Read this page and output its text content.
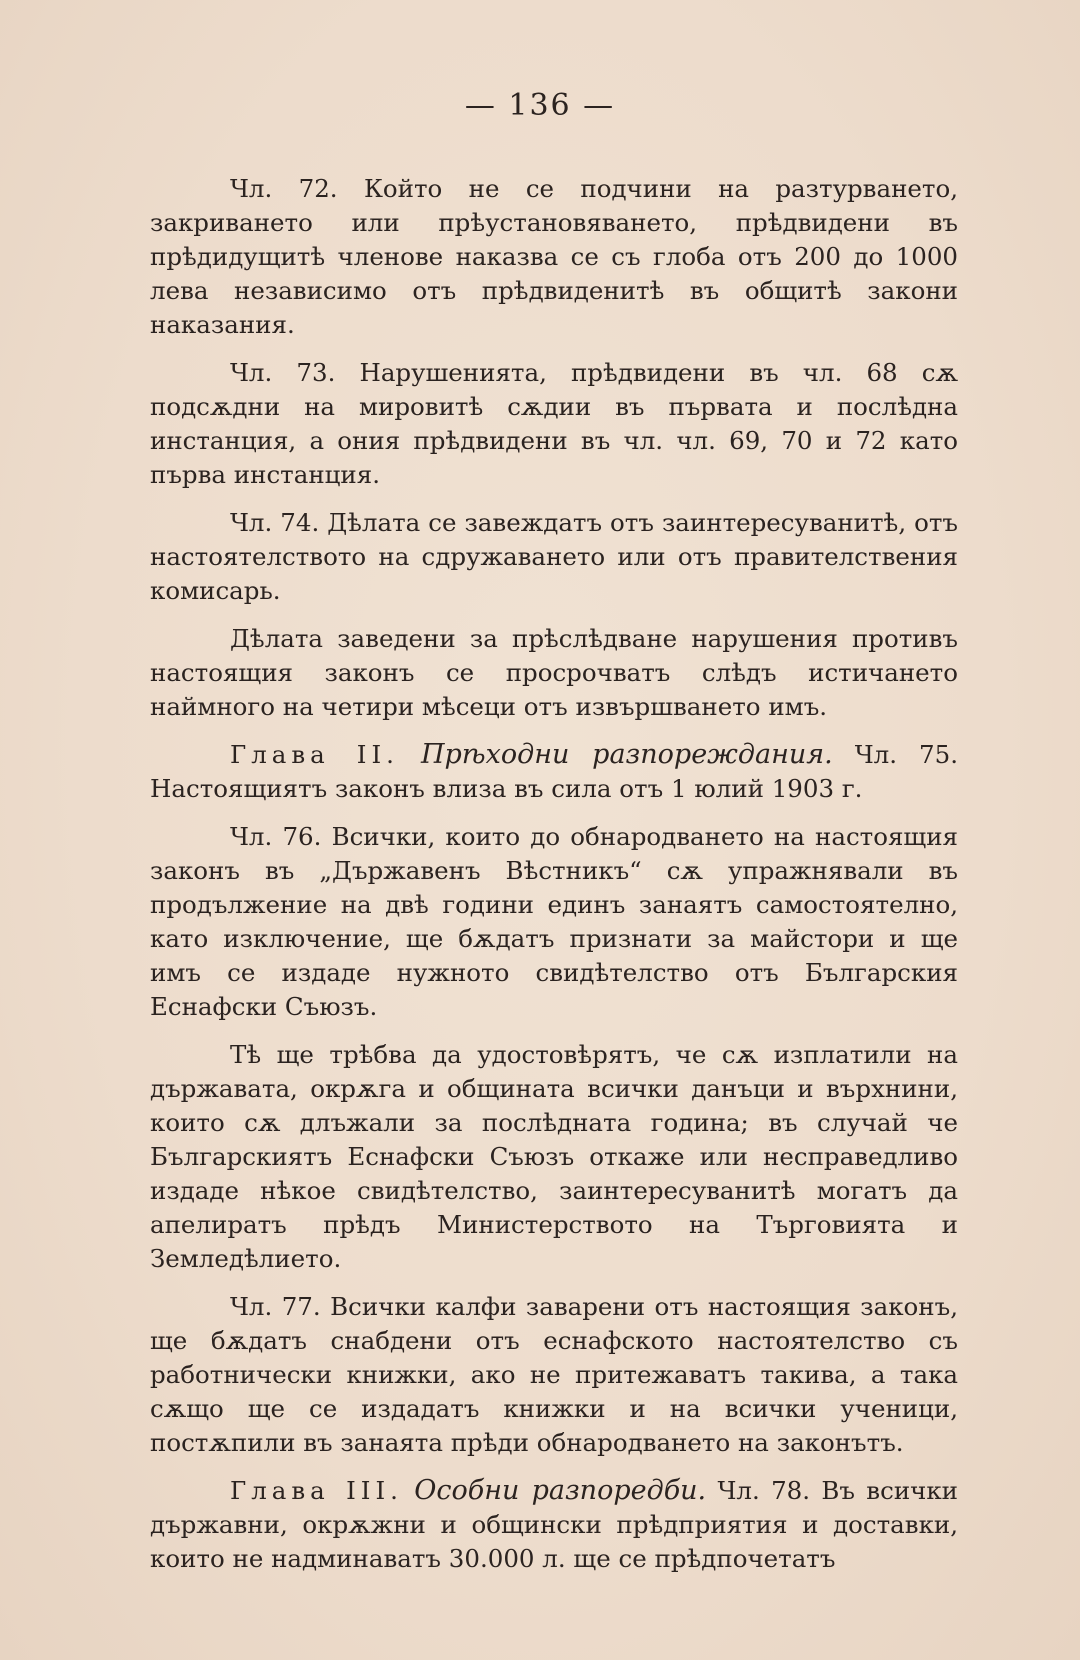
— 136 —

Чл. 72. Който не се подчини на разтурването, закриването или прѣустановяването, прѣдвидени въ прѣдидущитѣ членове наказва се съ глоба отъ 200 до 1000 лева независимо отъ прѣдвиденитѣ въ общитѣ закони наказания.

Чл. 73. Нарушенията, прѣдвидени въ чл. 68 сѫ подсѫдни на мировитѣ сѫдии въ първата и послѣдна инстанция, а ония прѣдвидени въ чл. чл. 69, 70 и 72 като първа инстанция.

Чл. 74. Дѣлата се завеждатъ отъ заинтересуванитѣ, отъ настоятелството на сдружаването или отъ правителствения комисарь.

Дѣлата заведени за прѣслѣдване нарушения противъ настоящия законъ се просрочватъ слѣдъ истичането наймного на четири мѣсеци отъ извършването имъ.

Глава II. Прѣходни разпореждания. Чл. 75. Настоящиятъ законъ влиза въ сила отъ 1 юлий 1903 г.

Чл. 76. Всички, които до обнародването на настоящия законъ въ „Държавенъ Вѣстникъ“ сѫ упражнявали въ продължение на двѣ години единъ занаятъ самостоятелно, като изключение, ще бѫдатъ признати за майстори и ще имъ се издаде нужното свидѣтелство отъ Българския Еснафски Съюзъ.

Тѣ ще трѣбва да удостовѣрятъ, че сѫ изплатили на държавата, окрѫга и общината всички данъци и върхнини, които сѫ длъжали за послѣдната година; въ случай че Българскиятъ Еснафски Съюзъ откаже или несправедливо издаде нѣкое свидѣтелство, заинтересуванитѣ могатъ да апелиратъ прѣдъ Министерството на Търговията и Земледѣлието.

Чл. 77. Всички калфи заварени отъ настоящия законъ, ще бѫдатъ снабдени отъ еснафското настоятелство съ работнически книжки, ако не притежаватъ такива, а така сѫщо ще се издадатъ книжки и на всички ученици, постѫпили въ занаята прѣди обнародването на законътъ.

Глава III. Особни разпоредби. Чл. 78. Въ всички държавни, окрѫжни и общински прѣдприятия и доставки, които не надминаватъ 30.000 л. ще се прѣдпочетатъ
